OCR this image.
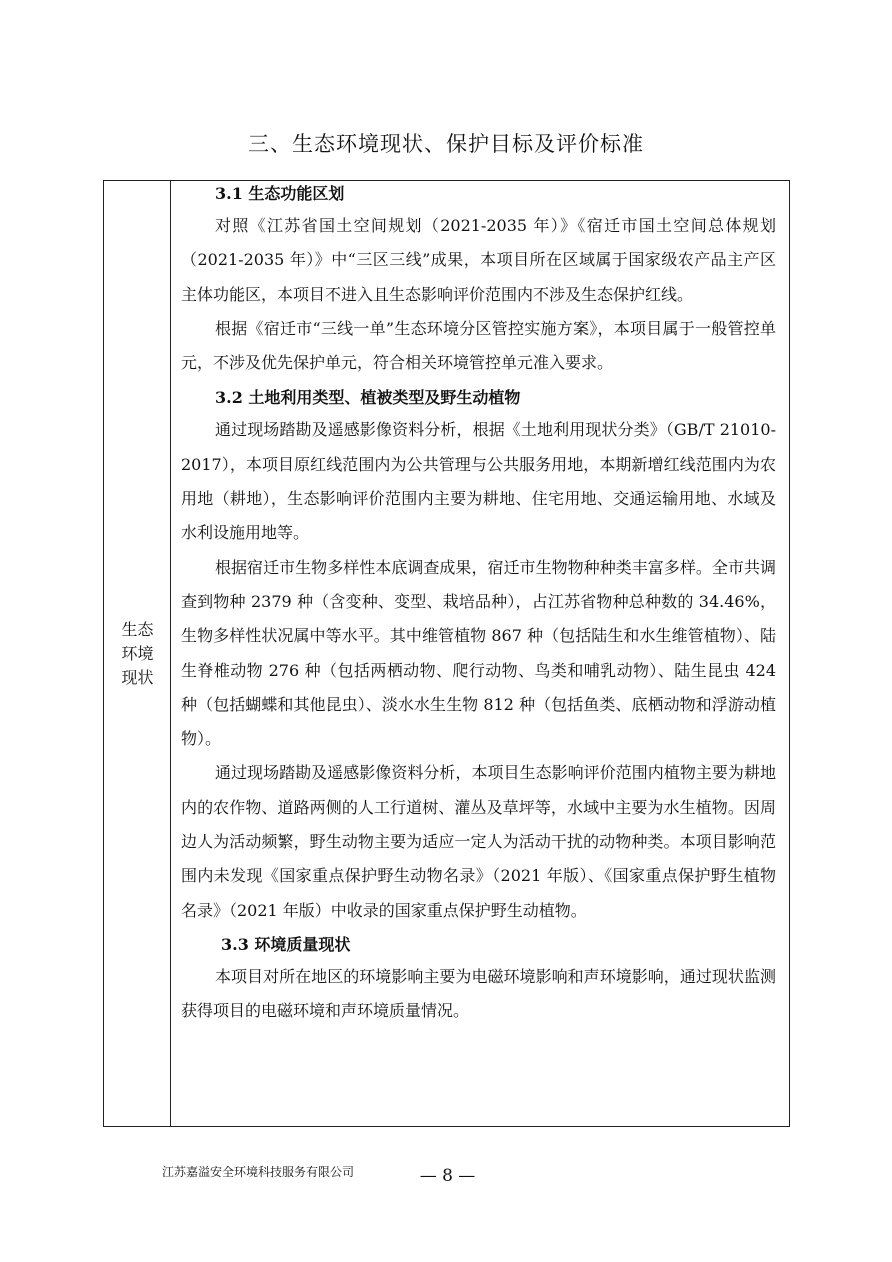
三、生态环境现状、保护目标及评价标准
生态
环境
现状

3.1 生态功能区划

对照《江苏省国土空间规划（2021-2035 年）》《宿迁市国土空间总体规划（2021-2035 年）》中“三区三线”成果，本项目所在区域属于国家级农产品主产区主体功能区，本项目不进入且生态影响评价范围内不涉及生态保护红线。

根据《宿迁市“三线一单”生态环境分区管控实施方案》，本项目属于一般管控单元，不涉及优先保护单元，符合相关环境管控单元准入要求。

3.2 土地利用类型、植被类型及野生动植物

通过现场踏勘及遥感影像资料分析，根据《土地利用现状分类》（GB/T 21010-2017），本项目原红线范围内为公共管理与公共服务用地，本期新增红线范围内为农用地（耕地），生态影响评价范围内主要为耕地、住宅用地、交通运输用地、水域及水利设施用地等。

根据宿迁市生物多样性本底调查成果，宿迁市生物物种种类丰富多样。全市共调查到物种 2379 种（含变种、变型、栽培品种），占江苏省物种总种数的 34.46%，生物多样性状况属中等水平。其中维管植物 867 种（包括陆生和水生维管植物）、陆生脊椎动物 276 种（包括两栖动物、爬行动物、鸟类和哺乳动物）、陆生昆虫 424 种（包括蝴蝶和其他昆虫）、淡水水生生物 812 种（包括鱼类、底栖动物和浮游动植物）。

通过现场踏勘及遥感影像资料分析，本项目生态影响评价范围内植物主要为耕地内的农作物、道路两侧的人工行道树、灌丛及草坪等，水域中主要为水生植物。因周边人为活动频繁，野生动物主要为适应一定人为活动干扰的动物种类。本项目影响范围内未发现《国家重点保护野生动物名录》（2021 年版）、《国家重点保护野生植物名录》（2021 年版）中收录的国家重点保护野生动植物。

3.3 环境质量现状

本项目对所在地区的环境影响主要为电磁环境影响和声环境影响，通过现状监测获得项目的电磁环境和声环境质量情况。

江苏嘉溢安全环境科技服务有限公司	— 8 —
